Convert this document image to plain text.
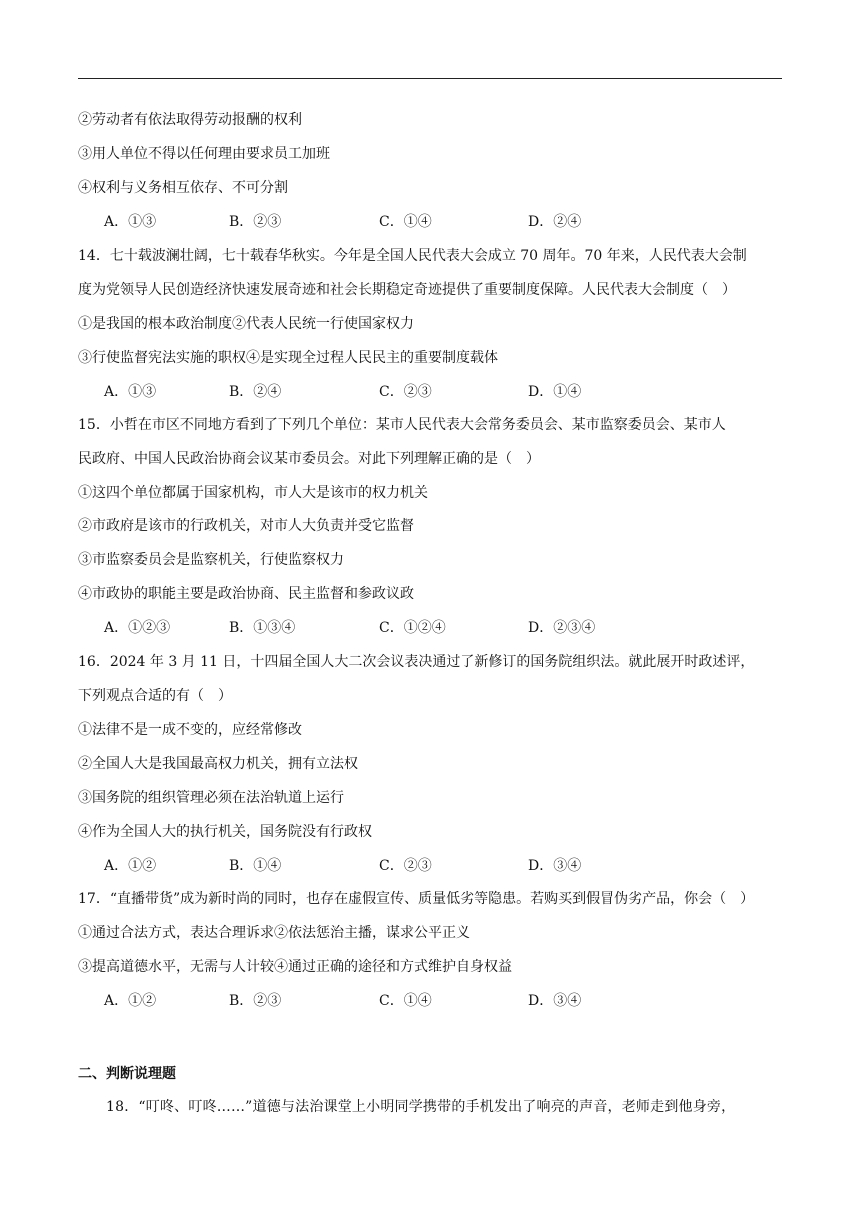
②劳动者有依法取得劳动报酬的权利
③用人单位不得以任何理由要求员工加班
④权利与义务相互依存、不可分割
A．①③	B．②③	C．①④	D．②④
14．七十载波澜壮阔，七十载春华秋实。今年是全国人民代表大会成立 70 周年。70 年来，人民代表大会制
度为党领导人民创造经济快速发展奇迹和社会长期稳定奇迹提供了重要制度保障。人民代表大会制度（　）
①是我国的根本政治制度②代表人民统一行使国家权力
③行使监督宪法实施的职权④是实现全过程人民民主的重要制度载体
A．①③	B．②④	C．②③	D．①④
15．小哲在市区不同地方看到了下列几个单位：某市人民代表大会常务委员会、某市监察委员会、某市人
民政府、中国人民政治协商会议某市委员会。对此下列理解正确的是（　）
①这四个单位都属于国家机构，市人大是该市的权力机关
②市政府是该市的行政机关，对市人大负责并受它监督
③市监察委员会是监察机关，行使监察权力
④市政协的职能主要是政治协商、民主监督和参政议政
A．①②③	B．①③④	C．①②④	D．②③④
16．2024 年 3 月 11 日，十四届全国人大二次会议表决通过了新修订的国务院组织法。就此展开时政述评，
下列观点合适的有（　）
①法律不是一成不变的，应经常修改
②全国人大是我国最高权力机关，拥有立法权
③国务院的组织管理必须在法治轨道上运行
④作为全国人大的执行机关，国务院没有行政权
A．①②	B．①④	C．②③	D．③④
17．“直播带货”成为新时尚的同时，也存在虚假宣传、质量低劣等隐患。若购买到假冒伪劣产品，你会（　）
①通过合法方式，表达合理诉求②依法惩治主播，谋求公平正义
③提高道德水平，无需与人计较④通过正确的途径和方式维护自身权益
A．①②	B．②③	C．①④	D．③④
二、判断说理题
18．“叮咚、叮咚……”道德与法治课堂上小明同学携带的手机发出了响亮的声音，老师走到他身旁，
